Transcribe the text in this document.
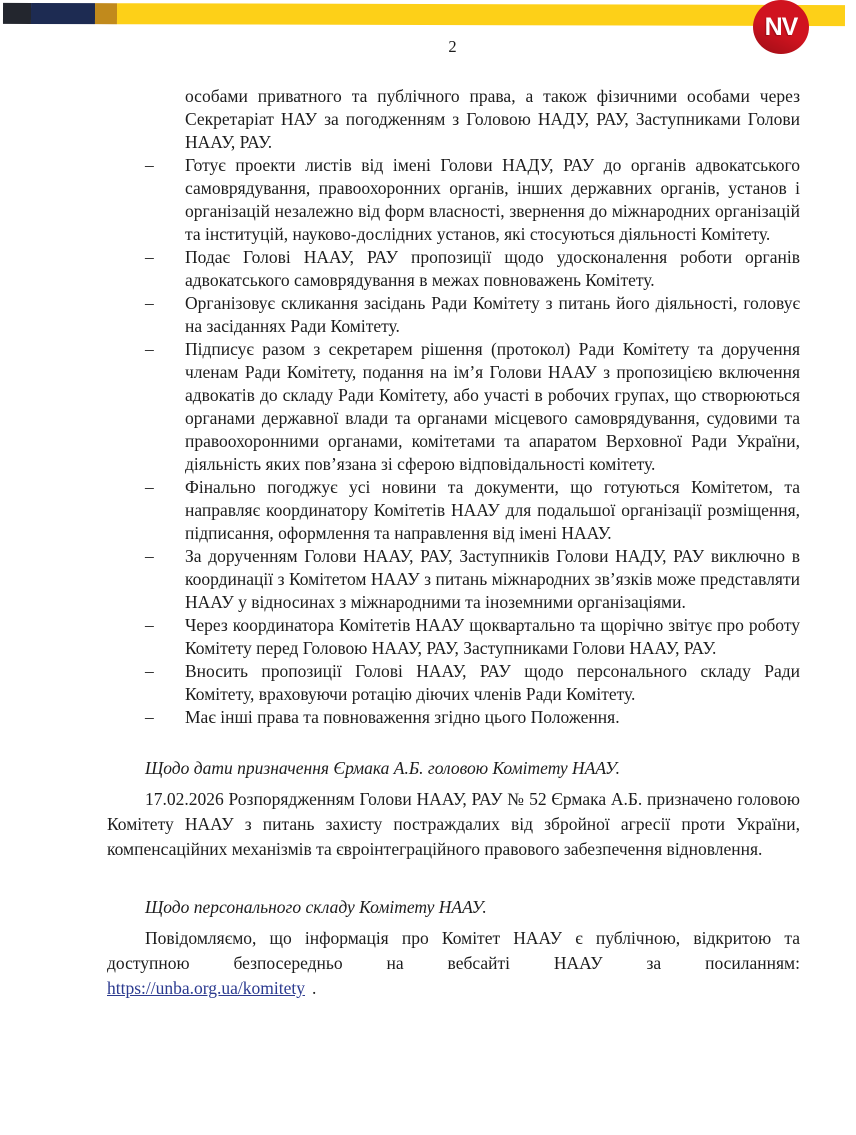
NV
2
особами приватного та публічного права, а також фізичними особами через Секретаріат НАУ за погодженням з Головою НАДУ, РАУ, Заступниками Голови НААУ, РАУ.
–	Готує проекти листів від імені Голови НАДУ, РАУ до органів адвокатського самоврядування, правоохоронних органів, інших державних органів, установ і організацій незалежно від форм власності, звернення до міжнародних організацій та інституцій, науково-дослідних установ, які стосуються діяльності Комітету.
–	Подає Голові НААУ, РАУ пропозиції щодо удосконалення роботи органів адвокатського самоврядування в межах повноважень Комітету.
–	Організовує скликання засідань Ради Комітету з питань його діяльності, головує на засіданнях Ради Комітету.
–	Підписує разом з секретарем рішення (протокол) Ради Комітету та доручення членам Ради Комітету, подання на ім’я Голови НААУ з пропозицією включення адвокатів до складу Ради Комітету, або участі в робочих групах, що створюються органами державної влади та органами місцевого самоврядування, судовими та правоохоронними органами, комітетами та апаратом Верховної Ради України, діяльність яких пов’язана зі сферою відповідальності комітету.
–	Фінально погоджує усі новини та документи, що готуються Комітетом, та направляє координатору Комітетів НААУ для подальшої організації розміщення, підписання, оформлення та направлення від імені НААУ.
–	За дорученням Голови НААУ, РАУ, Заступників Голови НАДУ, РАУ виключно в координації з Комітетом НААУ з питань міжнародних зв’язків може представляти НААУ у відносинах з міжнародними та іноземними організаціями.
–	Через координатора Комітетів НААУ щоквартально та щорічно звітує про роботу Комітету перед Головою НААУ, РАУ, Заступниками Голови НААУ, РАУ.
–	Вносить пропозиції Голові НААУ, РАУ щодо персонального складу Ради Комітету, враховуючи ротацію діючих членів Ради Комітету.
–	Має інші права та повноваження згідно цього Положення.

Щодо дати призначення Єрмака А.Б. головою Комітету НААУ.

17.02.2026 Розпорядженням Голови НААУ, РАУ № 52 Єрмака А.Б. призначено головою Комітету НААУ з питань захисту постраждалих від збройної агресії проти України, компенсаційних механізмів та євроінтеграційного правового забезпечення відновлення.

Щодо персонального складу Комітету НААУ.

Повідомляємо, що інформація про Комітет НААУ є публічною, відкритою та доступною безпосередньо на вебсайті НААУ за посиланням:

https://unba.org.ua/komitety .
